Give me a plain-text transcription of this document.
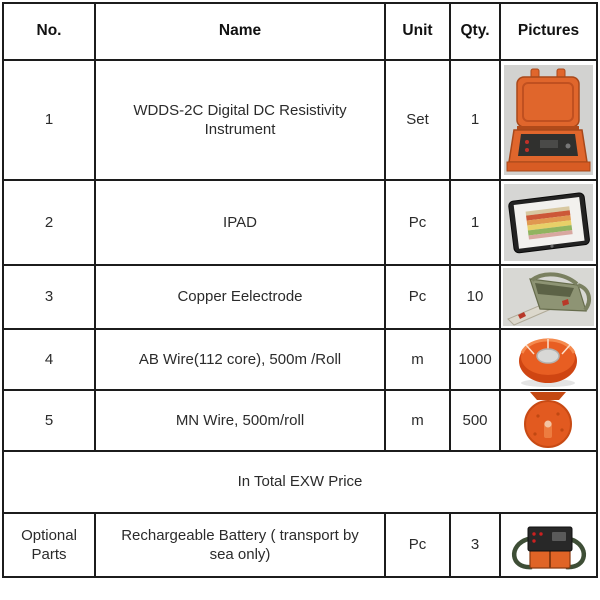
No.	Name	Unit	Qty.	Pictures
1	WDDS-2C Digital DC Resistivity Instrument	Set	1	

2	IPAD	Pc	1	

3	Copper Eelectrode	Pc	10	

4	AB Wire(112 core), 500m /Roll	m	1000	

5	MN Wire, 500m/roll	m	500	

In Total EXW Price				
Optional Parts	Rechargeable Battery ( transport by sea only)	Pc	3	
